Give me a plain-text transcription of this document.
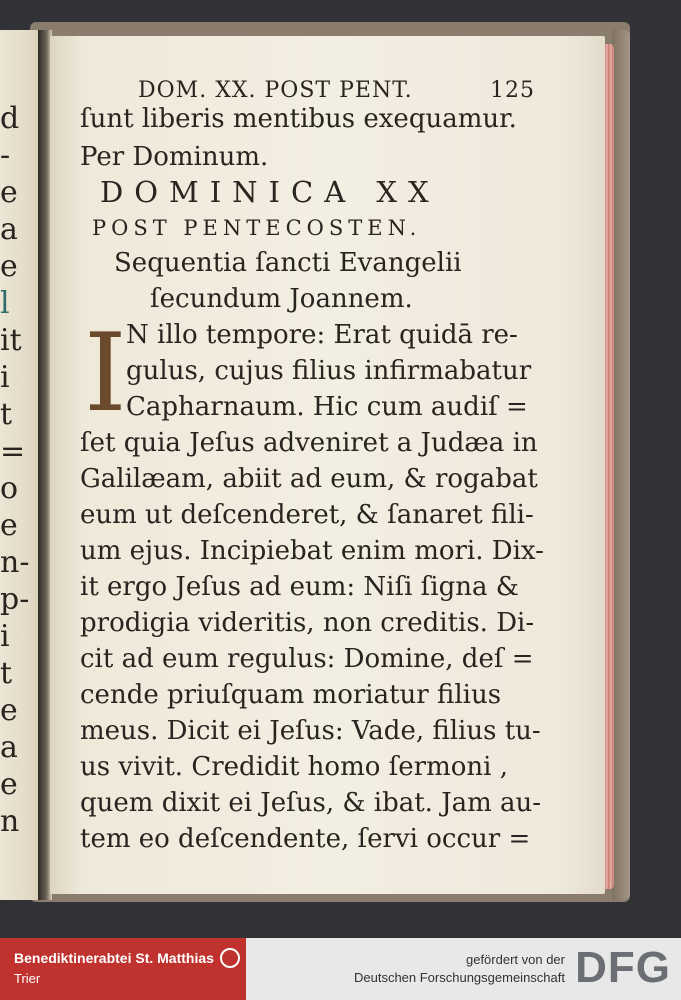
d
-
e
a
e
l
it
i
t
=
o
e
n-
p-
i
t
e
a
e
n
DOM. XX. POST PENT.	125
ſunt liberis mentibus exequamur.
Per Dominum.
DOMINICA XX
POST PENTECOSTEN.
Sequentia ſancti Evangelii
ſecundum Joannem.
I N illo tempore: Erat quidā re-
gulus, cujus filius infirmabatur
Capharnaum. Hic cum audiſ =
ſet quia Jeſus adveniret a Judæa in
Galilæam, abiit ad eum, & rogabat
eum ut deſcenderet, & ſanaret fili-
um ejus. Incipiebat enim mori. Dix-
it ergo Jeſus ad eum: Niſi ſigna &
prodigia videritis, non creditis. Di-
cit ad eum regulus: Domine, deſ =
cende priuſquam moriatur filius
meus. Dicit ei Jeſus: Vade, filius tu-
us vivit. Credidit homo ſermoni ,
quem dixit ei Jeſus, & ibat. Jam au-
tem eo deſcendente, ſervi occur =
Benediktinerabtei St. Matthias
Trier
gefördert von der
Deutschen Forschungsgemeinschaft DFG
